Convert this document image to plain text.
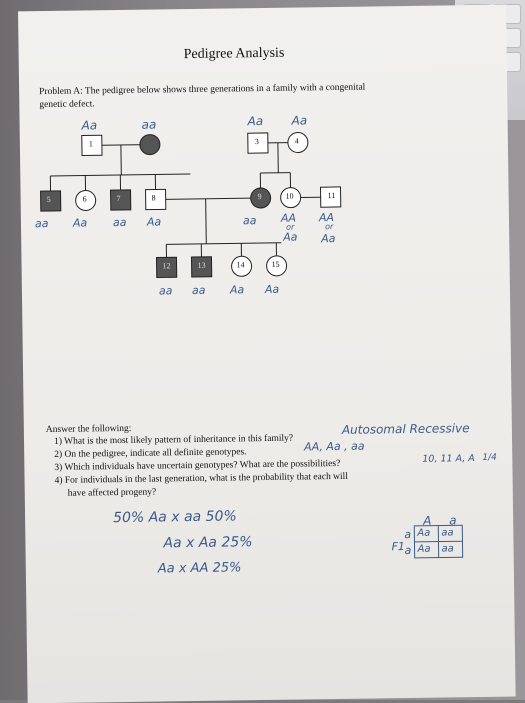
Pedigree Analysis
Problem A: The pedigree below shows three generations in a family with a congenital
genetic defect.
1	3	4
5	6	7	8	9	10	11
12	13	14	15
Aa	aa	Aa Aa
aa Aa aa Aa	aa AA AA
or	or
Aa Aa
aa aa Aa Aa
Answer the following:
1) What is the most likely pattern of inheritance in this family?
2) On the pedigree, indicate all definite genotypes.
3) Which individuals have uncertain genotypes? What are the possibilities?
4) For individuals in the last generation, what is the probability that each will
have affected progeny?
Autosomal Recessive
AA, Aa , aa
10, 11 A, A 1/4
50% Aa x aa 50%
Aa x Aa 25%
Aa x AA 25%
F1
A a
a
a
Aa aa
Aa aa
